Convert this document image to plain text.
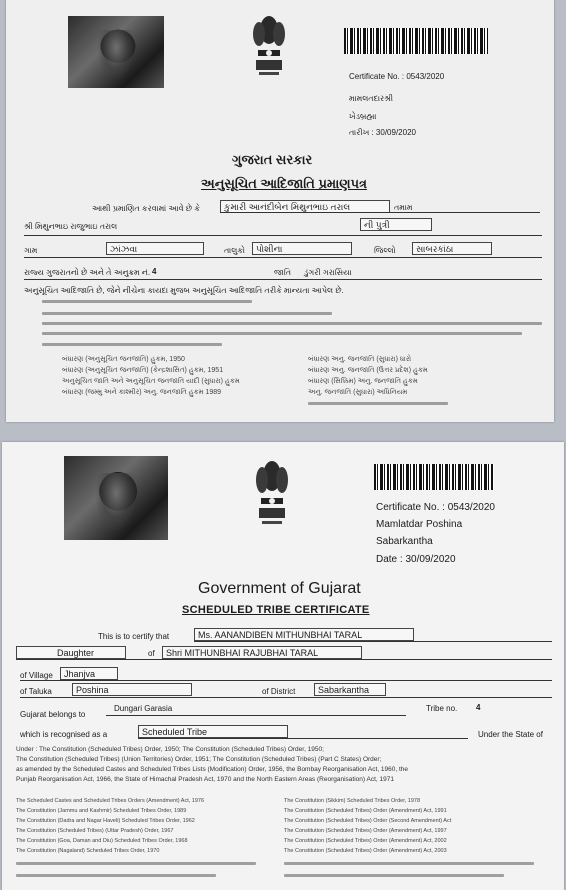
Certificate No. : 0543/2020
મામલતદારશ્રી
ખેડબ્રહ્મા
તારીખ : 30/09/2020
ગુજરાત સરકાર
અનુસૂચિત આદિજાતિ પ્રમાણપત્ર
આથી પ્રમાણિત કરવામાં આવે છે કે	કુમારી આનંદીબેન મિથુનભાઇ તરાલ	તમામ
શ્રી મિથુનભાઇ રાજુભાઇ તરાલ	ની પુત્રી
ગામ	ઝાંઝવા	તાલુકો	પોશીના	જિલ્લો	સાબરકાંઠા
રાજ્ય ગુજરાતનો છે અને તે અનુક્રમ નં. 4	જાતિ ડુંગરી ગરાસિયા
અનુસૂચિત આદિજાતિ છે, જેને નીચેના કાયદા મુજબ અનુસૂચિત આદિજાતિ તરીકે માન્યતા આપેલ છે.
બંધારણ (અનુસૂચિત જનજાતિ) હુકમ, 1950
બંધારણ (અનુસૂચિત જનજાતિ) (કેન્દ્રશાસિત) હુકમ, 1951
અનુસૂચિત જાતિ અને અનુસૂચિત જનજાતિ યાદી (સુધારા) હુકમ
બંધારણ (જમ્મુ અને કાશ્મીર) અનુ. જનજાતિ હુકમ 1989
બંધારણ અનુ. જનજાતિ (સુધારા) ધારો
બંધારણ અનુ. જનજાતિ (ઉત્તર પ્રદેશ) હુકમ
બંધારણ (સિક્કિમ) અનુ. જનજાતિ હુકમ
અનુ. જનજાતિ (સુધારા) અધિનિયમ
Certificate No. : 0543/2020
Mamlatdar Poshina
Sabarkantha
Date : 30/09/2020
Government of Gujarat
SCHEDULED TRIBE CERTIFICATE
This is to certify that	Ms. AANANDIBEN MITHUNBHAI TARAL
Daughter	of	Shri MITHUNBHAI RAJUBHAI TARAL
of Village	Jhanjva
of Taluka	Poshina	of District	Sabarkantha
Gujarat belongs to
Dungari Garasia	Tribe no. 4
which is recognised as a	Scheduled Tribe	Under the State of
Under : The Constitution (Scheduled Tribes) Order, 1950; The Constitution (Scheduled Tribes) Order, 1950;
The Constitution (Scheduled Tribes) (Union Territories) Order, 1951; The Constitution (Scheduled Tribes) (Part C States) Order;
as amended by the Scheduled Castes and Scheduled Tribes Lists (Modification) Order, 1956, the Bombay Reorganisation Act, 1960, the
Punjab Reorganisation Act, 1966, the State of Himachal Pradesh Act, 1970 and the North Eastern Areas (Reorganisation) Act, 1971
The Scheduled Castes and Scheduled Tribes Orders (Amendment) Act, 1976
The Constitution (Jammu and Kashmir) Scheduled Tribes Order, 1989
The Constitution (Dadra and Nagar Haveli) Scheduled Tribes Order, 1962
The Constitution (Scheduled Tribes) (Uttar Pradesh) Order, 1967
The Constitution (Goa, Daman and Diu) Scheduled Tribes Order, 1968
The Constitution (Nagaland) Scheduled Tribes Order, 1970
The Constitution (Sikkim) Scheduled Tribes Order, 1978
The Constitution (Scheduled Tribes) Order (Amendment) Act, 1991
The Constitution (Scheduled Tribes) Order (Second Amendment) Act
The Constitution (Scheduled Tribes) Order (Amendment) Act, 1997
The Constitution (Scheduled Tribes) Order (Amendment) Act, 2002
The Constitution (Scheduled Tribes) Order (Amendment) Act, 2003
